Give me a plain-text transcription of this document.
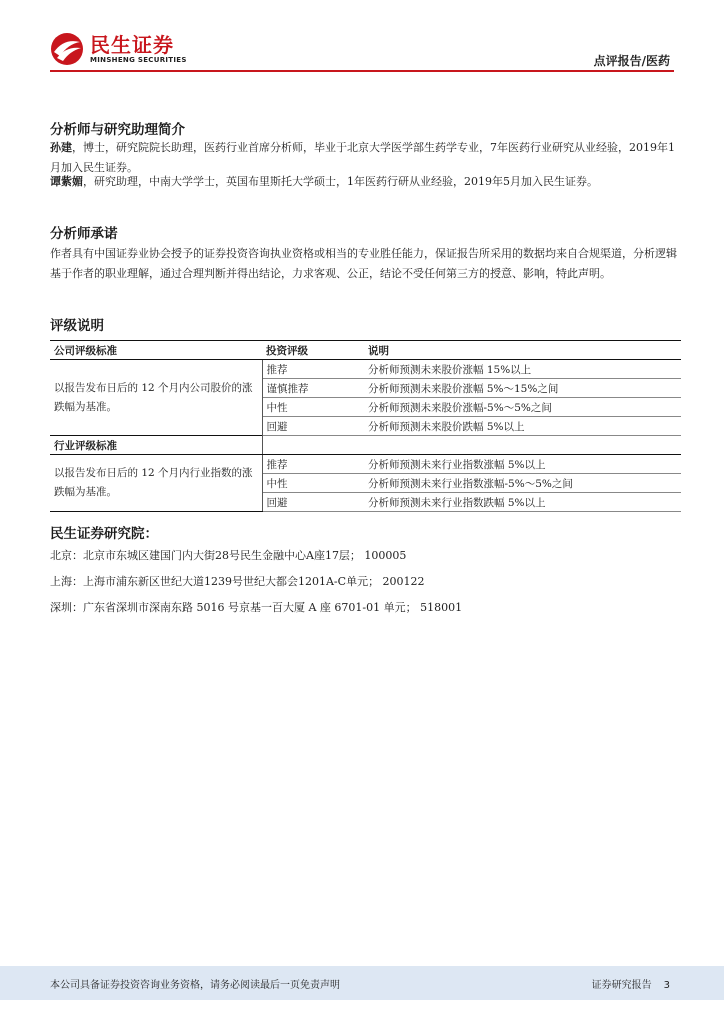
民生证券
MINSHENG SECURITIES	点评报告/医药
分析师与研究助理简介
孙建，博士，研究院院长助理，医药行业首席分析师，毕业于北京大学医学部生药学专业，7年医药行业研究从业经验，2019年1月加入民生证券。
谭紫媚，研究助理，中南大学学士，英国布里斯托大学硕士，1年医药行研从业经验，2019年5月加入民生证券。
分析师承诺
作者具有中国证券业协会授予的证券投资咨询执业资格或相当的专业胜任能力，保证报告所采用的数据均来自合规渠道，分析逻辑基于作者的职业理解，通过合理判断并得出结论，力求客观、公正，结论不受任何第三方的授意、影响，特此声明。
评级说明
公司评级标准	投资评级	说明
以报告发布日后的 12 个月内公司股价的涨跌幅为基准。	推荐	分析师预测未来股价涨幅 15%以上
	谨慎推荐	分析师预测未来股价涨幅 5%～15%之间
	中性	分析师预测未来股价涨幅-5%～5%之间
	回避	分析师预测未来股价跌幅 5%以上
行业评级标准		
以报告发布日后的 12 个月内行业指数的涨跌幅为基准。	推荐	分析师预测未来行业指数涨幅 5%以上
	中性	分析师预测未来行业指数涨幅-5%～5%之间
	回避	分析师预测未来行业指数跌幅 5%以上
民生证券研究院：
北京：北京市东城区建国门内大街28号民生金融中心A座17层； 100005
上海：上海市浦东新区世纪大道1239号世纪大都会1201A-C单元； 200122
深圳：广东省深圳市深南东路 5016 号京基一百大厦 A 座 6701-01 单元； 518001
本公司具备证券投资咨询业务资格，请务必阅读最后一页免责声明	证券研究报告 3
